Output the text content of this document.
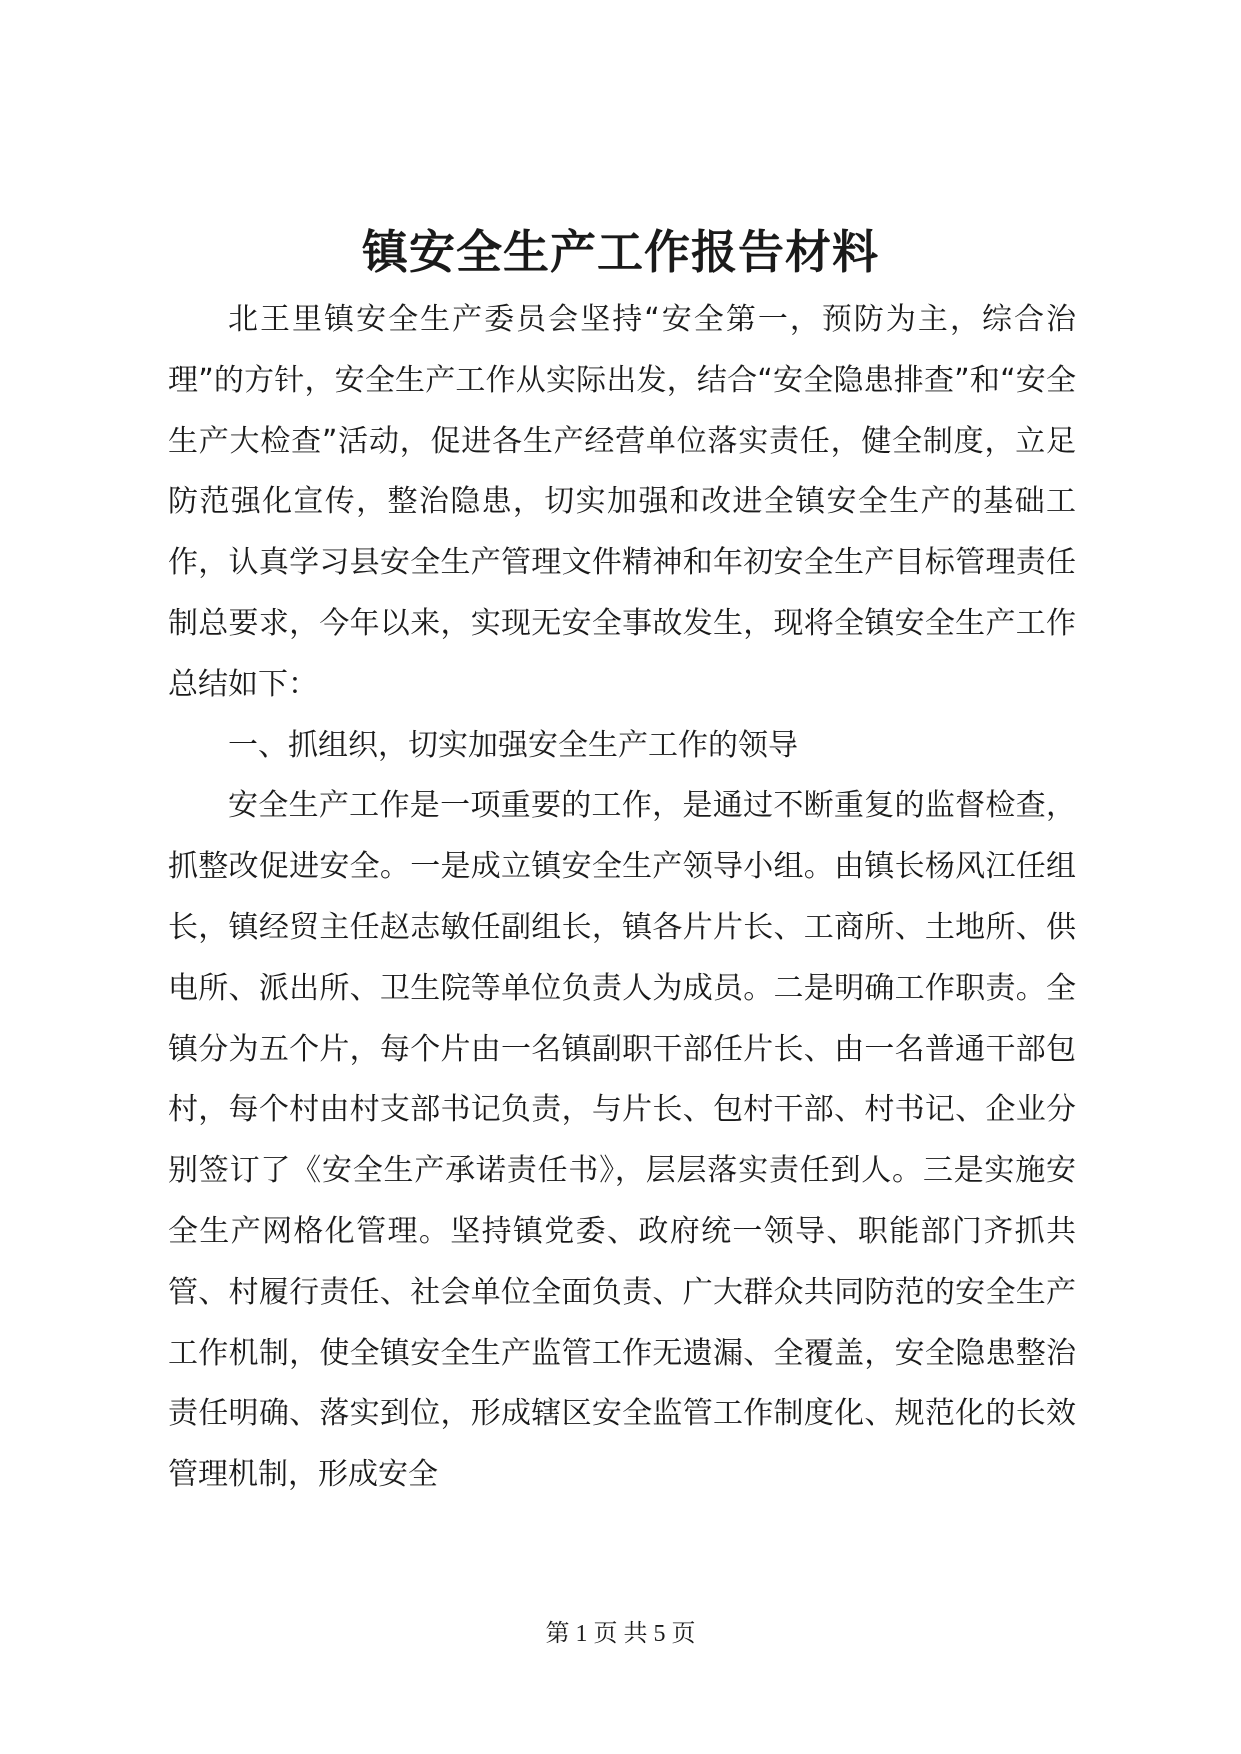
镇安全生产工作报告材料

北王里镇安全生产委员会坚持“安全第一，预防为主，综合治理”的方针，安全生产工作从实际出发，结合“安全隐患排查”和“安全生产大检查”活动，促进各生产经营单位落实责任，健全制度，立足防范强化宣传，整治隐患，切实加强和改进全镇安全生产的基础工作，认真学习县安全生产管理文件精神和年初安全生产目标管理责任制总要求，今年以来，实现无安全事故发生，现将全镇安全生产工作总结如下：

一、抓组织，切实加强安全生产工作的领导

安全生产工作是一项重要的工作，是通过不断重复的监督检查，抓整改促进安全。一是成立镇安全生产领导小组。由镇长杨风江任组长，镇经贸主任赵志敏任副组长，镇各片片长、工商所、土地所、供电所、派出所、卫生院等单位负责人为成员。二是明确工作职责。全镇分为五个片，每个片由一名镇副职干部任片长、由一名普通干部包村，每个村由村支部书记负责，与片长、包村干部、村书记、企业分别签订了《安全生产承诺责任书》，层层落实责任到人。三是实施安全生产网格化管理。坚持镇党委、政府统一领导、职能部门齐抓共管、村履行责任、社会单位全面负责、广大群众共同防范的安全生产工作机制，使全镇安全生产监管工作无遗漏、全覆盖，安全隐患整治责任明确、落实到位，形成辖区安全监管工作制度化、规范化的长效管理机制，形成安全

第 1 页 共 5 页
